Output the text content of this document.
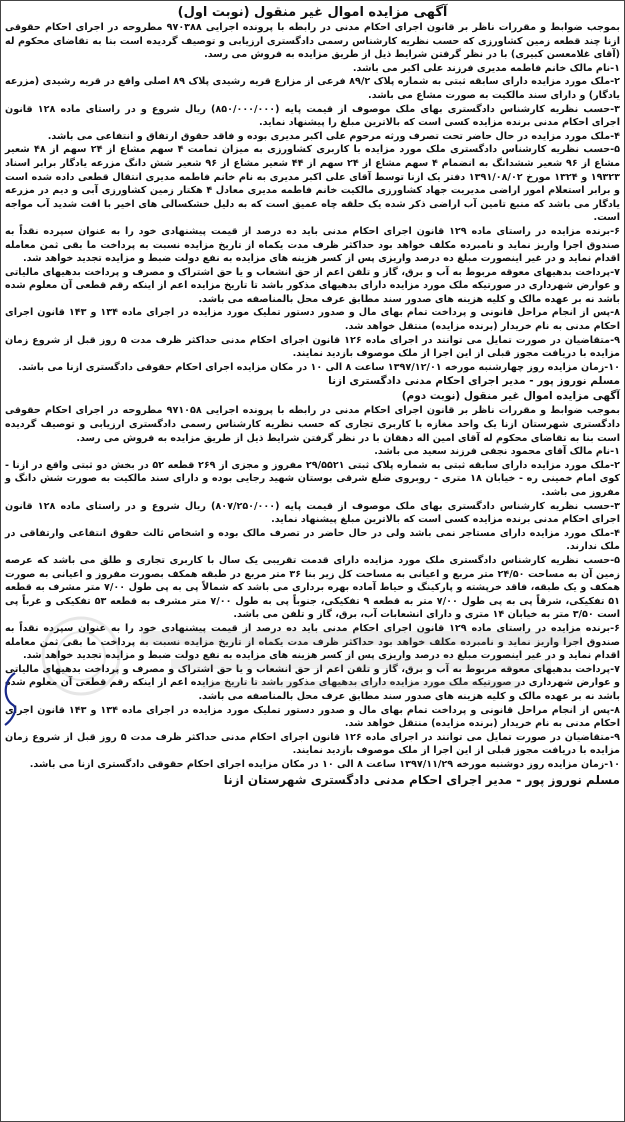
آگهی مزایده اموال غیر منقول (نوبت اول)

بموجب ضوابط و مقررات ناظر بر قانون اجرای احکام مدنی در رابطه با پرونده اجرایی ۹۷۰۳۸۸ مطروحه در اجرای احکام حقوقی ازنا چند قطعه زمین کشاورزی که حسب نظریه کارشناس رسمی دادگستری ارزیابی و توصیف گردیده است بنا به تقاضای محکوم له (آقای غلامعسن کبیری) با در نظر گرفتن شرایط ذیل از طریق مزایده به فروش می رسد.

۱-نام مالک خانم فاطمه مدیری فرزند علی اکبر می باشد.

۲-ملک مورد مزایده دارای سابقه ثبتی به شماره پلاک ۸۹/۲ فرعی از مزارع قریه رشیدی پلاک ۸۹ اصلی واقع در قریه رشیدی (مزرعه یادگار) و دارای سند مالکیت به صورت مشاع می باشد.

۳-حسب نظریه کارشناس دادگستری بهای ملک موصوف از قیمت پایه (۸۵۰/۰۰۰/۰۰۰) ریال شروع و در راستای ماده ۱۲۸ قانون اجرای احکام مدنی برنده مزایده کسی است که بالاترین مبلغ را پیشنهاد نماید.

۴-ملک مورد مزایده در حال حاضر تحت تصرف ورثه مرحوم علی اکبر مدیری بوده و فاقد حقوق ارتفاق و انتفاعی می باشد.

۵-حسب نظریه کارشناس دادگستری ملک مورد مزایده با کاربری کشاورزی به میزان تمامت ۴ سهم مشاع از ۲۴ سهم از ۴۸ شعیر مشاع از ۹۶ شعیر ششدانگ به انضمام ۴ سهم مشاع از ۲۴ سهم از ۴۴ شعیر مشاع از ۹۶ شعیر شش دانگ مزرعه یادگار برابر اسناد ۱۹۳۲۳ و ۱۳۲۴ مورخ ۱۳۹۱/۰۸/۰۲ دفتر یک ازنا توسط آقای علی اکبر مدیری به نام خانم فاطمه مدیری انتقال قطعی داده شده است و برابر استعلام امور اراضی مدیریت جهاد کشاورزی مالکیت خانم فاطمه مدیری معادل ۴ هکتار زمین کشاورزی آبی و دیم در مزرعه یادگار می باشد که منبع تامین آب اراضی ذکر شده یک حلقه چاه عمیق است که به دلیل خشکسالی های اخیر با افت شدید آب مواجه است.

۶-برنده مزایده در راستای ماده ۱۲۹ قانون اجرای احکام مدنی باید ده درصد از قیمت پیشنهادی خود را به عنوان سپرده نقداً به صندوق اجرا واریز نماید و نامبرده مکلف خواهد بود حداکثر ظرف مدت یکماه از تاریخ مزایده نسبت به پرداخت ما بقی ثمن معامله اقدام نماید و در غیر اینصورت مبلغ ده درصد واریزی پس از کسر هزینه های مزایده به نفع دولت ضبط و مزایده تجدید خواهد شد.

۷-پرداخت بدهیهای معوقه مربوط به آب و برق، گاز و تلفن اعم از حق انشعاب و یا حق اشتراک و مصرف و پرداخت بدهیهای مالیاتی و عوارض شهرداری در صورتیکه ملک مورد مزایده دارای بدهیهای مذکور باشد تا تاریخ مزایده اعم از اینکه رقم قطعی آن معلوم شده باشد نه بر عهده مالک و کلیه هزینه های صدور سند مطابق عرف محل بالمناصفه می باشد.

۸-پس از انجام مراحل قانونی و پرداخت تمام بهای مال و صدور دستور تملیک مورد مزایده در اجرای ماده ۱۳۴ و ۱۴۳ قانون اجرای احکام مدنی به نام خریدار (برنده مزایده) منتقل خواهد شد.

۹-متقاضیان در صورت تمایل می توانند در اجرای ماده ۱۲۶ قانون اجرای احکام مدنی حداکثر ظرف مدت ۵ روز قبل از شروع زمان مزایده با دریافت مجوز قبلی از این اجرا از ملک موصوف بازدید نمایند.

۱۰-زمان مزایده روز چهارشنبه مورخه ۱۳۹۷/۱۲/۰۱ ساعت ۸ الی ۱۰ در مکان مزایده اجرای احکام حقوقی دادگستری ازنا می باشد.

مسلم نوروز پور - مدیر اجرای احکام مدنی دادگستری ازنا

آگهی مزایده اموال غیر منقول (نوبت دوم)

بموجب ضوابط و مقررات ناظر بر قانون اجرای احکام مدنی در رابطه با پرونده اجرایی ۹۷۱۰۵۸ مطروحه در اجرای احکام حقوقی دادگستری شهرستان ازنا یک واحد مغازه با کاربری تجاری که حسب نظریه کارشناس رسمی دادگستری ارزیابی و توصیف گردیده است بنا به تقاضای محکوم له آقای امین اله دهقان با در نظر گرفتن شرایط ذیل از طریق مزایده به فروش می رسد.

۱-نام مالک آقای محمود نجفی فرزند سعید می باشد.

۲-ملک مورد مزایده دارای سابقه ثبتی به شماره پلاک ثبتی ۲۹/۵۵۲۱ مفروز و مجزی از ۲۶۹ قطعه ۵۲ در بخش دو ثبتی واقع در ازنا - کوی امام خمینی ره - خیابان ۱۸ متری - روبروی ضلع شرقی بوستان شهید رجایی بوده و دارای سند مالکیت به صورت شش دانگ و مفروز می باشد.

۳-حسب نظریه کارشناس دادگستری بهای ملک موصوف از قیمت پایه (۸۰۷/۲۵۰/۰۰۰) ریال شروع و در راستای ماده ۱۲۸ قانون اجرای احکام مدنی برنده مزایده کسی است که بالاترین مبلغ پیشنهاد نماید.

۴-ملک مورد مزایده دارای مستاجر نمی باشد ولی در حال حاضر در تصرف مالک بوده و اشخاص ثالث حقوق انتفاعی وارتفاقی در ملک ندارند.

۵-حسب نظریه کارشناس دادگستری ملک مورد مزایده دارای قدمت تقریبی یک سال با کاربری تجاری و طلق می باشد که عرصه زمین آن به مساحت ۲۴/۵۰ متر مربع و اعیانی به مساحت کل زیر بنا ۳۶ متر مربع در طبقه همکف بصورت مفروز و اعیانی به صورت همکف و یک طبقه، فاقد خرپشته و پارکینگ و حیاط آماده بهره برداری می باشد که شمالاً پی به پی طول ۷/۰۰ متر مشرف به قطعه ۵۱ تفکیکی، شرقاً پی به پی طول ۷/۰۰ متر به قطعه ۹ تفکیکی، جنوباً پی به طول ۷/۰۰ متر مشرف به قطعه ۵۳ تفکیکی و غرباً پی است ۳/۵۰ متر به خیابان ۱۴ متری و دارای انشعابات آب، برق، گاز و تلفن می باشد.

۶-برنده مزایده در راستای ماده ۱۲۹ قانون اجرای احکام مدنی باید ده درصد از قیمت پیشنهادی خود را به عنوان سپرده نقداً به صندوق اجرا واریز نماید و نامبرده مکلف خواهد بود حداکثر ظرف مدت یکماه از تاریخ مزایده نسبت به پرداخت ما بقی ثمن معامله اقدام نماید و در غیر اینصورت مبلغ ده درصد واریزی پس از کسر هزینه های مزایده به نفع دولت ضبط و مزایده تجدید خواهد شد.

۷-پرداخت بدهیهای معوقه مربوط به آب و برق، گاز و تلفن اعم از حق انشعاب و یا حق اشتراک و مصرف و پرداخت بدهیهای مالیاتی و عوارض شهرداری در صورتیکه ملک مورد مزایده دارای بدهیهای مذکور باشد تا تاریخ مزایده اعم از اینکه رقم قطعی آن معلوم شده باشد نه بر عهده مالک و کلیه هزینه های صدور سند مطابق عرف محل بالمناصفه می باشد.

۸-پس از انجام مراحل قانونی و پرداخت تمام بهای مال و صدور دستور تملیک مورد مزایده در اجرای ماده ۱۳۴ و ۱۴۳ قانون اجرای احکام مدنی به نام خریدار (برنده مزایده) منتقل خواهد شد.

۹-متقاضیان در صورت تمایل می توانند در اجرای ماده ۱۲۶ قانون اجرای احکام مدنی حداکثر ظرف مدت ۵ روز قبل از شروع زمان مزایده با دریافت مجوز قبلی از این اجرا از ملک موصوف بازدید نمایند.

۱۰-زمان مزایده روز دوشنبه مورخه ۱۳۹۷/۱۱/۲۹ ساعت ۸ الی ۱۰ در مکان مزایده اجرای احکام حقوقی دادگستری ازنا می باشد.

مسلم نوروز پور - مدیر اجرای احکام مدنی دادگستری شهرستان ازنا
